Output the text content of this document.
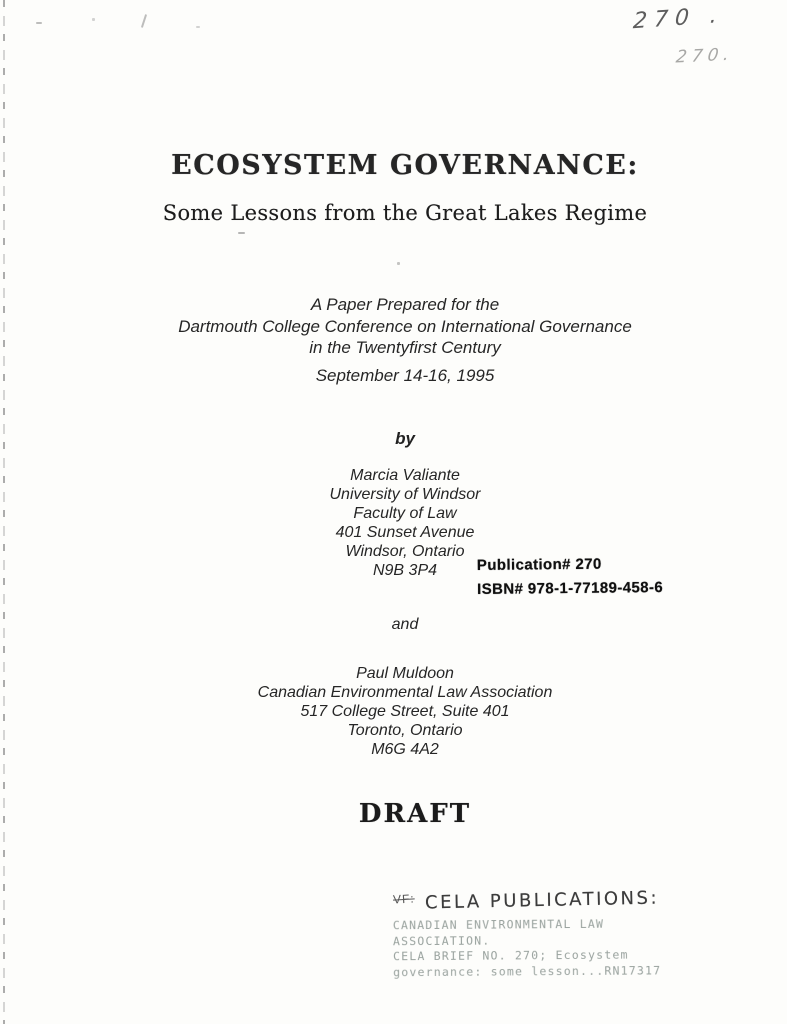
270 .
270.
ECOSYSTEM GOVERNANCE:
Some Lessons from the Great Lakes Regime
A Paper Prepared for the
Dartmouth College Conference on International Governance
in the Twentyfirst Century
September 14-16, 1995
by
Marcia Valiante
University of Windsor
Faculty of Law
401 Sunset Avenue
Windsor, Ontario
N9B 3P4	Publication# 270
ISBN# 978-1-77189-458-6
and
Paul Muldoon
Canadian Environmental Law Association
517 College Street, Suite 401
Toronto, Ontario
M6G 4A2
DRAFT
VF: CELA PUBLICATIONS:
CANADIAN ENVIRONMENTAL LAW
ASSOCIATION.
CELA BRIEF NO. 270; Ecosystem
governance: some lesson...RN17317
